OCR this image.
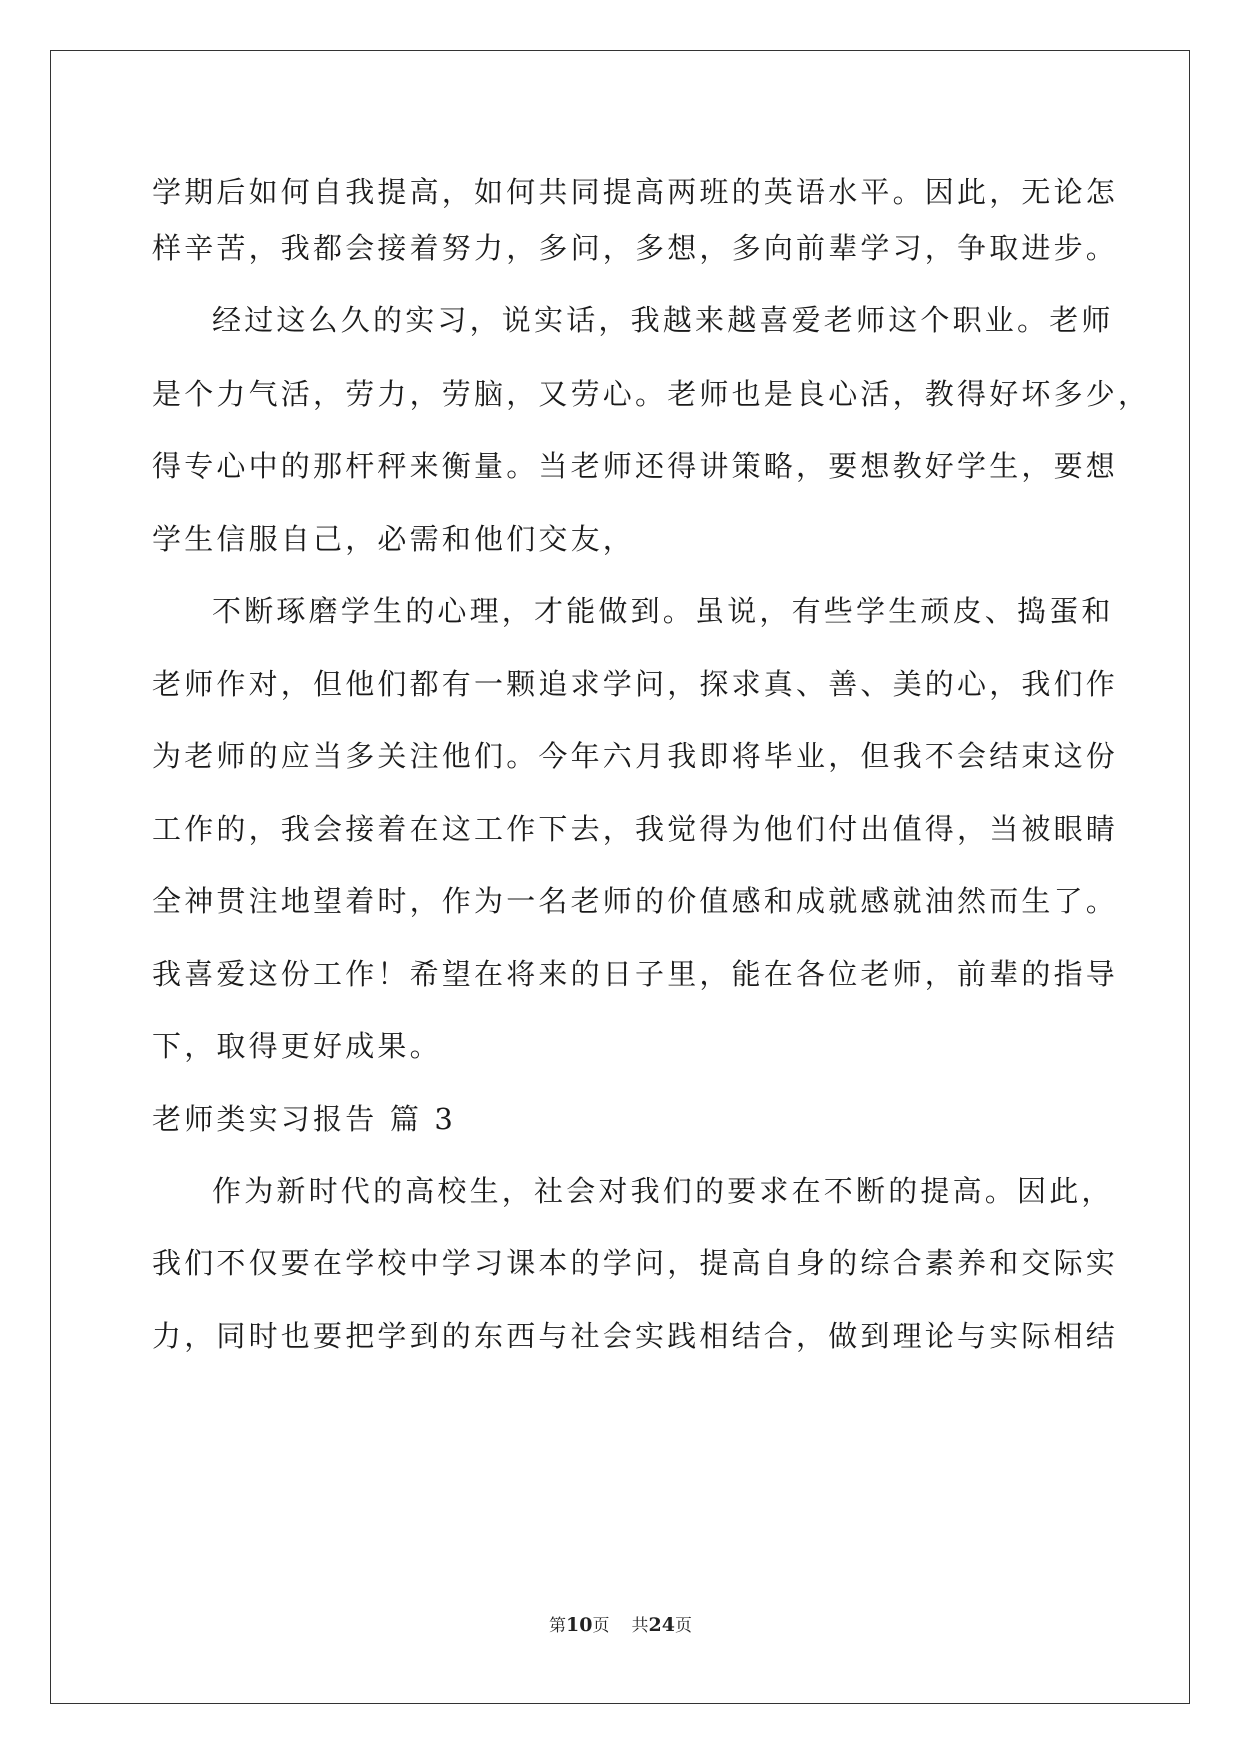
学期后如何自我提高，如何共同提高两班的英语水平。因此，无论怎

样辛苦，我都会接着努力，多问，多想，多向前辈学习，争取进步。

经过这么久的实习，说实话，我越来越喜爱老师这个职业。老师

是个力气活，劳力，劳脑，又劳心。老师也是良心活，教得好坏多少，

得专心中的那杆秤来衡量。当老师还得讲策略，要想教好学生，要想

学生信服自己，必需和他们交友，

不断琢磨学生的心理，才能做到。虽说，有些学生顽皮、捣蛋和

老师作对，但他们都有一颗追求学问，探求真、善、美的心，我们作

为老师的应当多关注他们。今年六月我即将毕业，但我不会结束这份

工作的，我会接着在这工作下去，我觉得为他们付出值得，当被眼睛

全神贯注地望着时，作为一名老师的价值感和成就感就油然而生了。

我喜爱这份工作！希望在将来的日子里，能在各位老师，前辈的指导

下，取得更好成果。

老师类实习报告 篇 3

作为新时代的高校生，社会对我们的要求在不断的提高。因此，

我们不仅要在学校中学习课本的学问，提高自身的综合素养和交际实

力，同时也要把学到的东西与社会实践相结合，做到理论与实际相结

第10页 共24页
